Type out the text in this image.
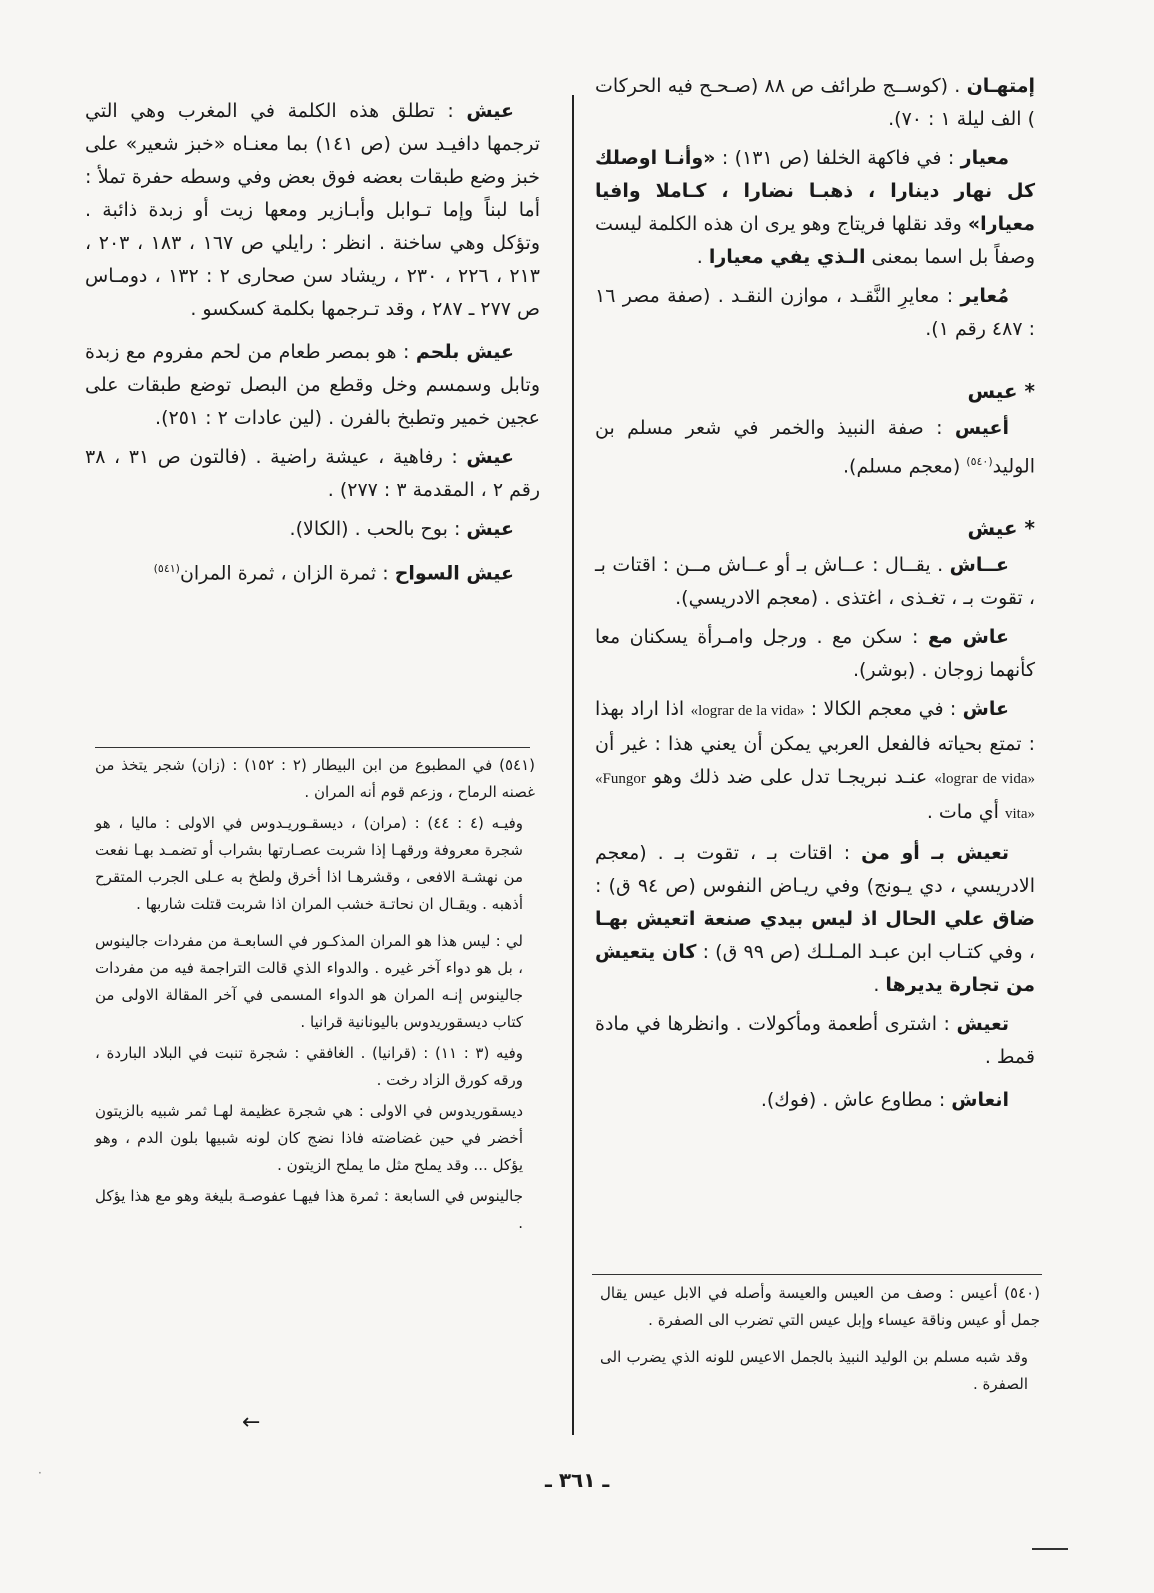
إمتهـان . (كوســج طرائف ص ٨٨ (صـحـح فيه الحركات ) الف ليلة ١ : ٧٠).

معيار : في فاكهة الخلفا (ص ١٣١) : «وأنـا اوصلك كل نهار دينارا ، ذهبـا نضارا ، كـاملا وافيا معيارا» وقد نقلها فريتاج وهو يرى ان هذه الكلمة ليست وصفاً بل اسما بمعنى الـذي يفي معيارا .

مُعاير : معايرِ النَّقـد ، موازن النقـد . (صفة مصر ١٦ : ٤٨٧ رقم ١).

* عيس

أعيس : صفة النبيذ والخمر في شعر مسلم بن الوليد$^{(٥٤٠)}$ (معجم مسلم).

* عيش

عــاش . يقــال : عــاش بـ أو عــاش مــن : اقتات بـ ، تقوت بـ ، تغـذى ، اغتذى . (معجم الادريسي).

عاش مع : سكن مع . ورجل وامـرأة يسكنان معا كأنهما زوجان . (بوشر).

عاش : في معجم الكالا : «lograr de la vida» اذا اراد بهذا : تمتع بحياته فالفعل العربي يمكن أن يعني هذا : غير أن «lograr de vida» عنـد نبريجـا تدل على ضد ذلك وهو «Fungor vita» أي مات .

تعيش بـ أو من : اقتات بـ ، تقوت بـ . (معجم الادريسي ، دي يـونج) وفي ريـاض النفوس (ص ٩٤ ق) : ضاق علي الحال اذ ليس بيدي صنعة اتعيش بهـا ، وفي كتـاب ابن عبـد المـلـك (ص ٩٩ ق) : كان يتعيش من تجارة يديرها .

تعيش : اشترى أطعمة ومأكولات . وانظرها في مادة قمط .

انعاش : مطاوع عاش . (فوك).

عيش : تطلق هذه الكلمة في المغرب وهي التي ترجمها دافيـد سن (ص ١٤١) بما معنـاه «خبز شعير» على خبز وضع طبقات بعضه فوق بعض وفي وسطه حفرة تملأ : أما لبناً وإما تـوابل وأبـازير ومعها زيت أو زبدة ذائبة . وتؤكل وهي ساخنة . انظر : رايلي ص ١٦٧ ، ١٨٣ ، ٢٠٣ ، ٢١٣ ، ٢٢٦ ، ٢٣٠ ، ريشاد سن صحارى ٢ : ١٣٢ ، دومـاس ص ٢٧٧ ـ ٢٨٧ ، وقد تـرجمها بكلمة كسكسو .

عيش بلحم : هو بمصر طعام من لحم مفروم مع زبدة وتابل وسمسم وخل وقطع من البصل توضع طبقات على عجين خمير وتطبخ بالفرن . (لين عادات ٢ : ٢٥١).

عيش : رفاهية ، عيشة راضية . (فالتون ص ٣١ ، ٣٨ رقم ٢ ، المقدمة ٣ : ٢٧٧) .

عيش : بوح بالحب . (الكالا).

عيش السواح : ثمرة الزان ، ثمرة المران$^{(٥٤١)}$

(٥٤١) في المطبوع من ابن البيطار (٢ : ١٥٢) : (زان) شجر يتخذ من غصنه الرماح ، وزعم قوم أنه المران .

وفيـه (٤ : ٤٤) : (مران) ، ديسقـوريـدوس في الاولى : ماليا ، هو شجرة معروفة ورقهـا إذا شربت عصـارتها بشراب أو تضمـد بهـا نفعت من نهشـة الافعى ، وقشرهـا اذا أخرق ولطخ به عـلى الجرب المتقرح أذهبه . ويقـال ان نحاتـة خشب المران اذا شربت قتلت شاربها .

لي : ليس هذا هو المران المذكـور في السابعـة من مفردات جالينوس ، بل هو دواء آخر غيره . والدواء الذي قالت التراجمة فيه من مفردات جالينوس إنـه المران هو الدواء المسمى في آخر المقالة الاولى من كتاب ديسقوريدوس باليونانية قرانيا .

وفيه (٣ : ١١) : (قرانيا) . الغافقي : شجرة تنبت في البلاد الباردة ، ورقه كورق الزاد رخت .

ديسقوريدوس في الاولى : هي شجرة عظيمة لهـا ثمر شبيه بالزيتون أخضر في حين غضاضته فاذا نضج كان لونه شبيها بلون الدم ، وهو يؤكل ... وقد يملح مثل ما يملح الزيتون .

جالينوس في السابعة : ثمرة هذا فيهـا عفوصـة بليغة وهو مع هذا يؤكل .

←

(٥٤٠) أعيس : وصف من العيس والعيسة وأصله في الابل عيس يقال جمل أو عيس وناقة عيساء وإبل عيس التي تضرب الى الصفرة .

وقد شبه مسلم بن الوليد النبيذ بالجمل الاعيس للونه الذي يضرب الى الصفرة .

ـ ٣٦١ ـ
·
